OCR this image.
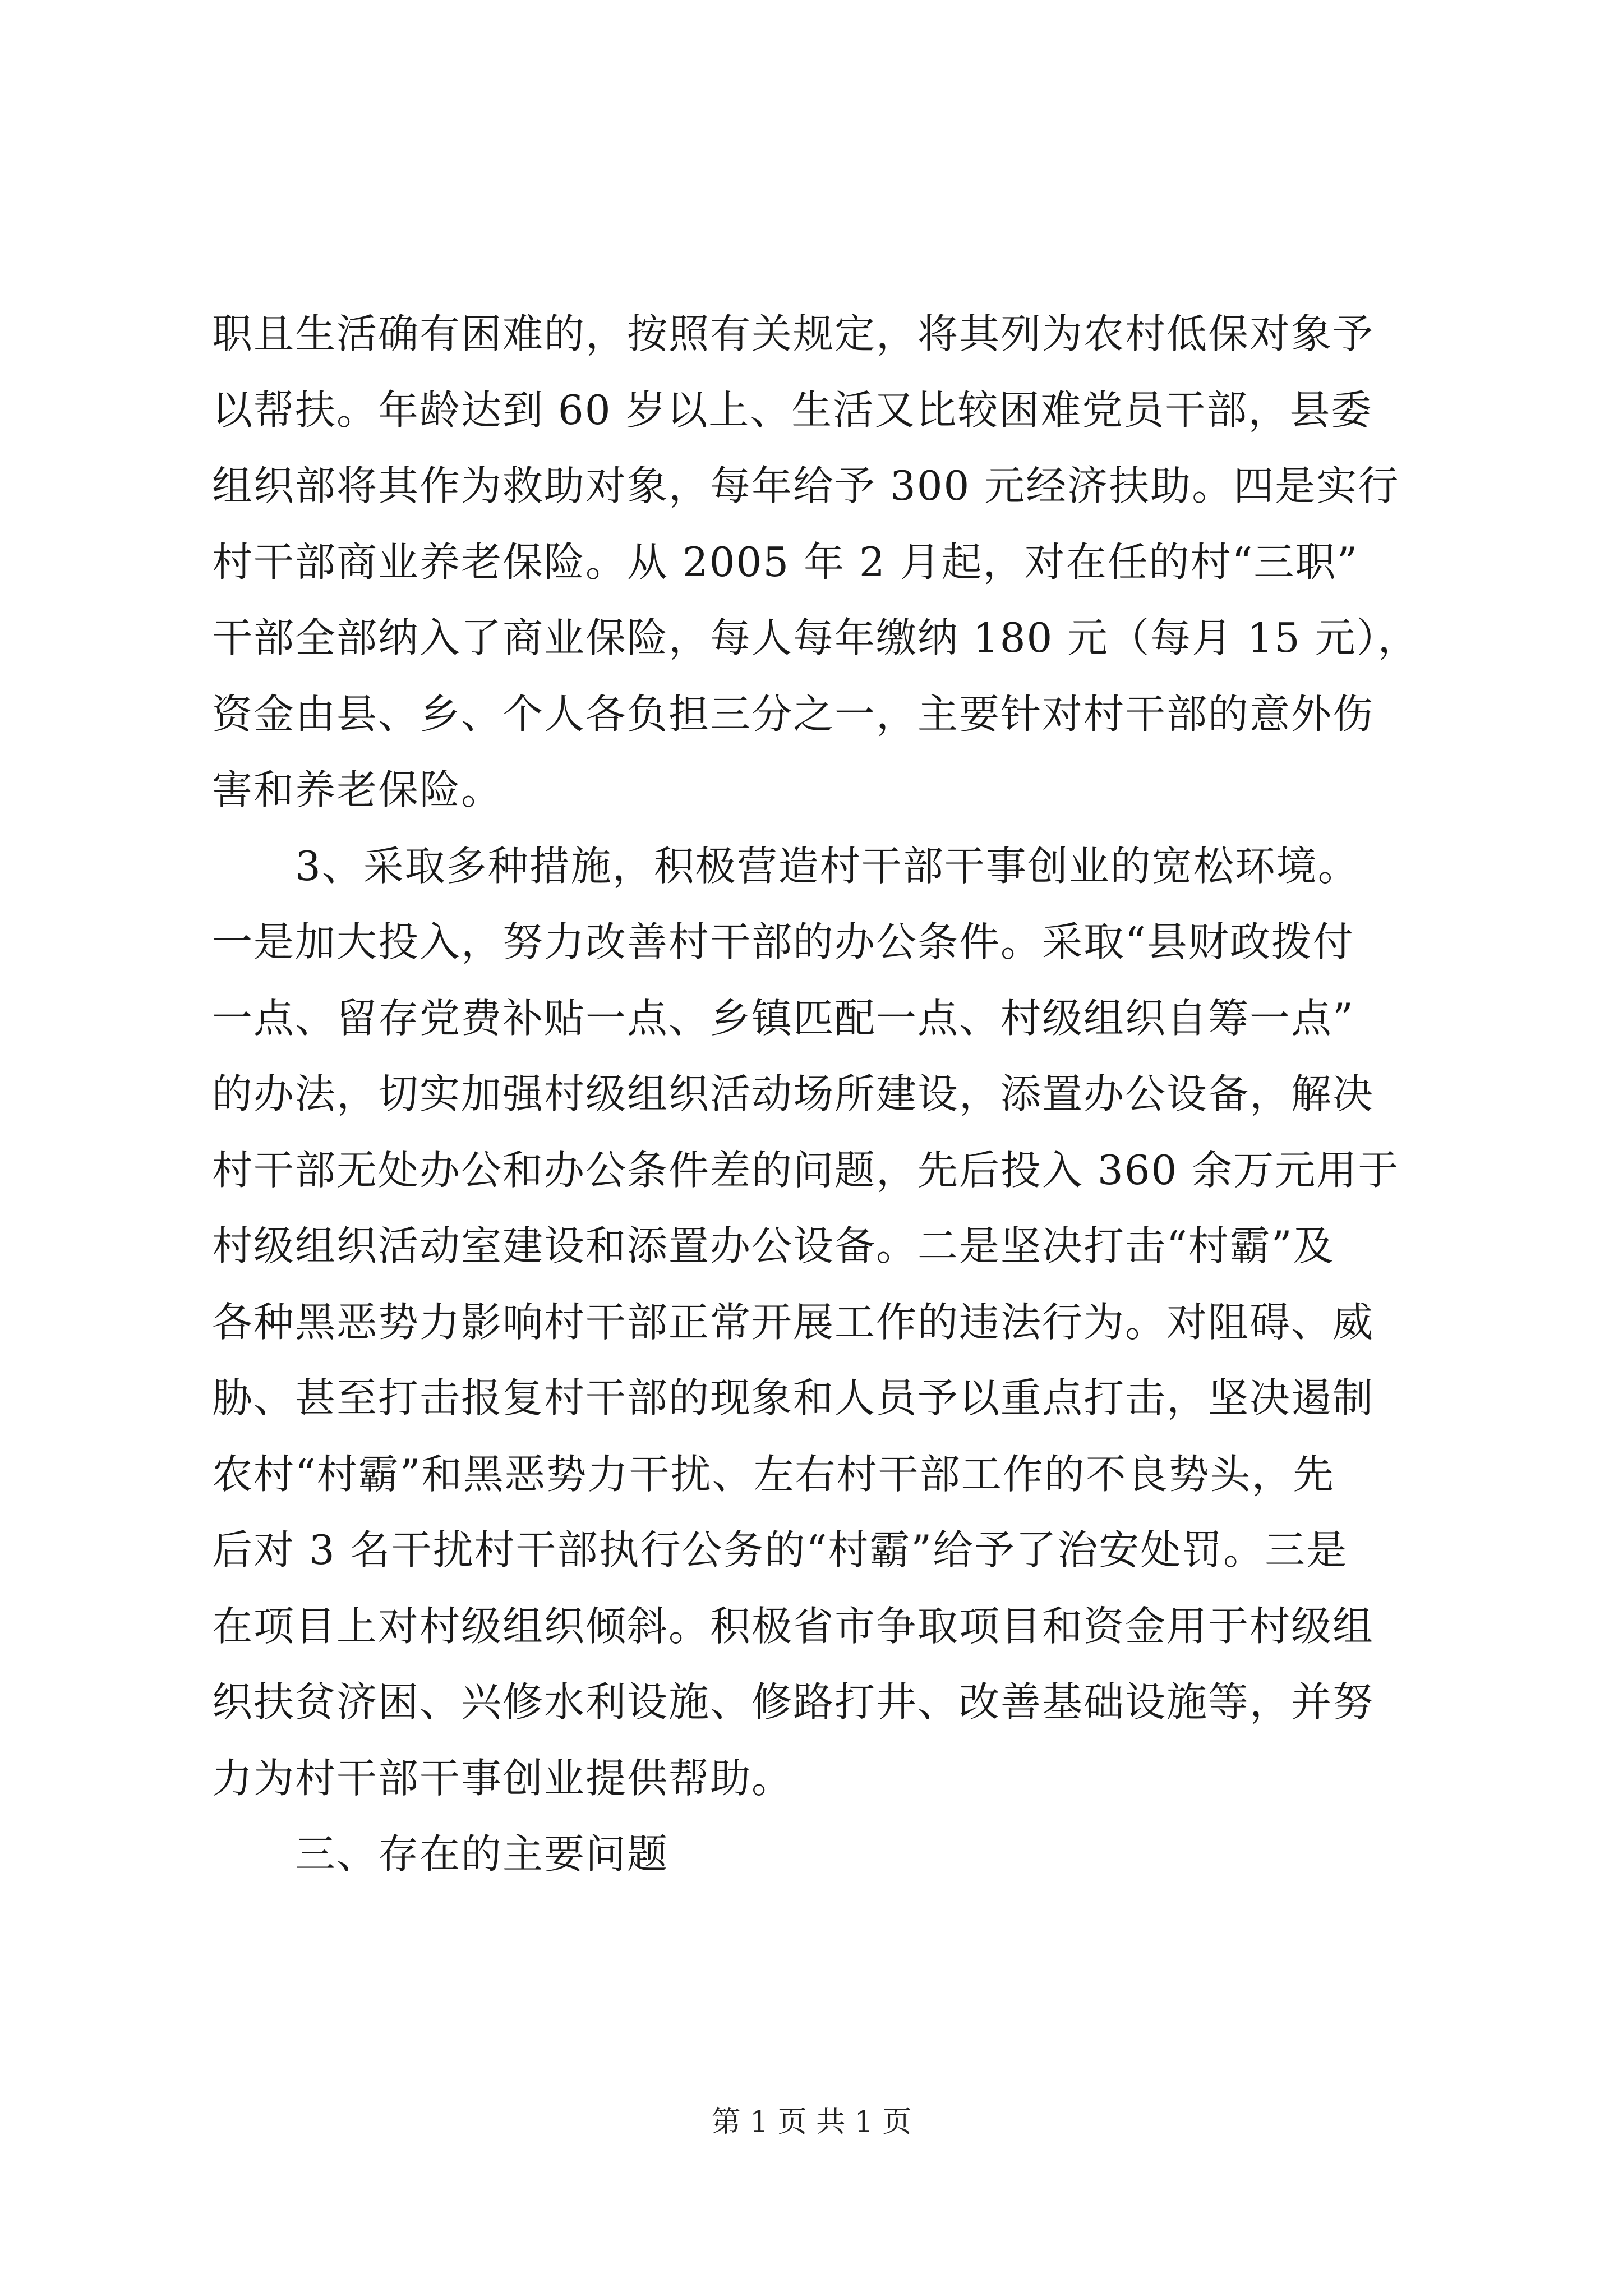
职且生活确有困难的，按照有关规定，将其列为农村低保对象予
以帮扶。年龄达到 60 岁以上、生活又比较困难党员干部，县委
组织部将其作为救助对象，每年给予 300 元经济扶助。四是实行
村干部商业养老保险。从 2005 年 2 月起，对在任的村“三职”
干部全部纳入了商业保险，每人每年缴纳 180 元（每月 15 元），
资金由县、乡、个人各负担三分之一，主要针对村干部的意外伤
害和养老保险。
　　3、采取多种措施，积极营造村干部干事创业的宽松环境。
一是加大投入，努力改善村干部的办公条件。采取“县财政拨付
一点、留存党费补贴一点、乡镇匹配一点、村级组织自筹一点”
的办法，切实加强村级组织活动场所建设，添置办公设备，解决
村干部无处办公和办公条件差的问题，先后投入 360 余万元用于
村级组织活动室建设和添置办公设备。二是坚决打击“村霸”及
各种黑恶势力影响村干部正常开展工作的违法行为。对阻碍、威
胁、甚至打击报复村干部的现象和人员予以重点打击，坚决遏制
农村“村霸”和黑恶势力干扰、左右村干部工作的不良势头，先
后对 3 名干扰村干部执行公务的“村霸”给予了治安处罚。三是
在项目上对村级组织倾斜。积极省市争取项目和资金用于村级组
织扶贫济困、兴修水利设施、修路打井、改善基础设施等，并努
力为村干部干事创业提供帮助。
　　三、存在的主要问题
第 1 页 共 1 页
